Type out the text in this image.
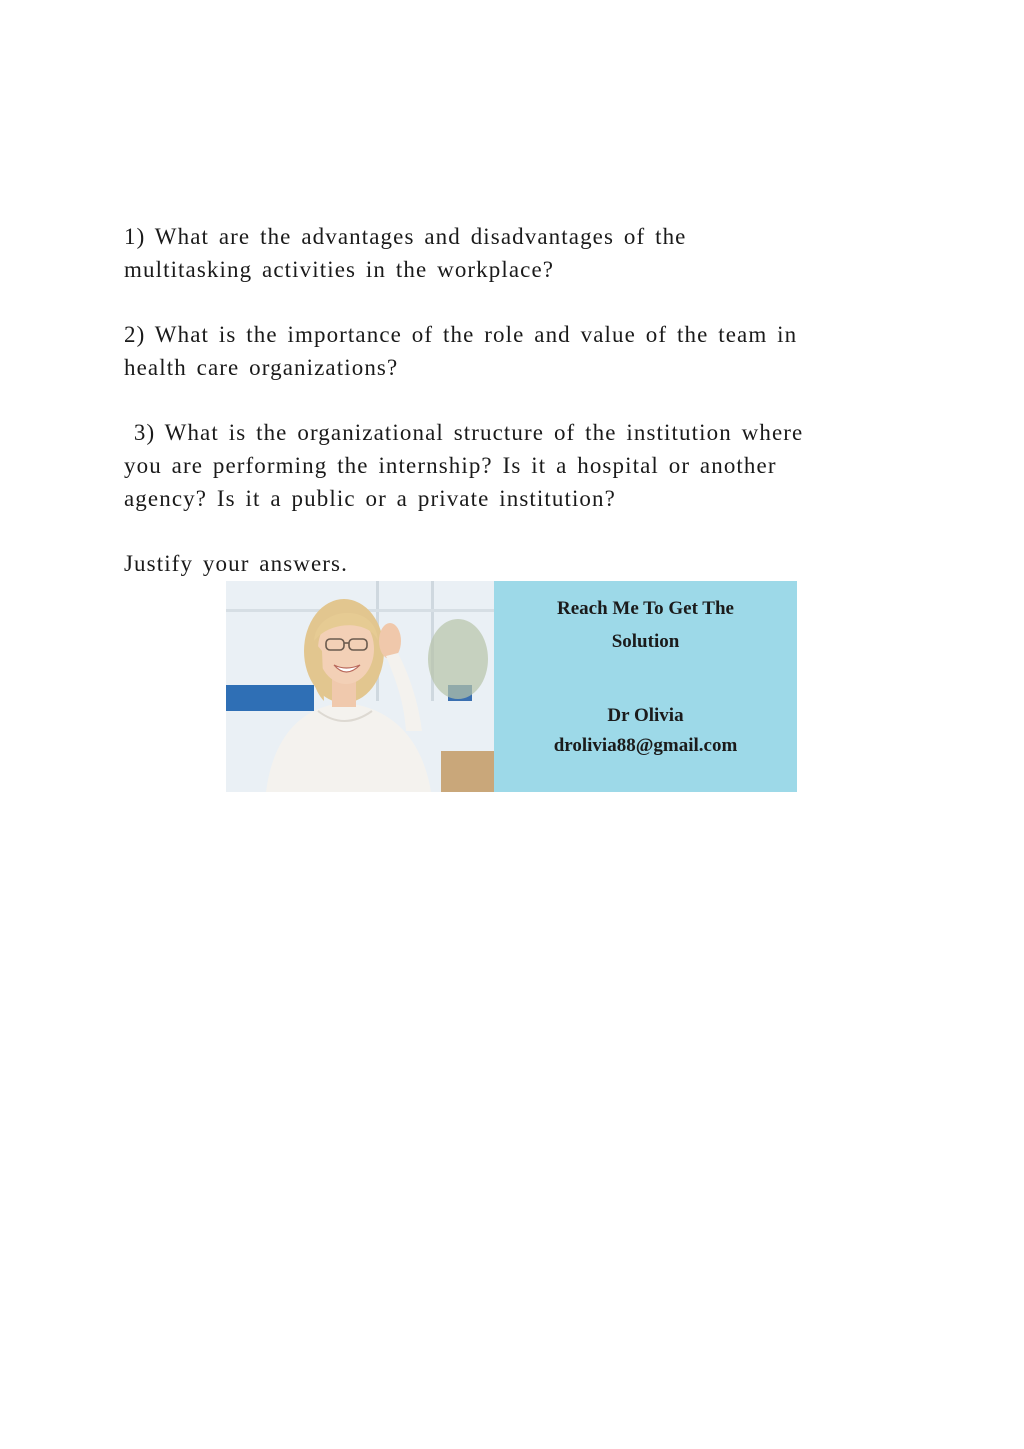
1) What are the advantages and disadvantages of the
multitasking activities in the workplace?

2) What is the importance of the role and value of the team in
health care organizations?

3) What is the organizational structure of the institution where
you are performing the internship? Is it a hospital or another
agency? Is it a public or a private institution?

Justify your answers.

Reach Me To Get The
Solution
Dr Olivia
drolivia88@gmail.com
